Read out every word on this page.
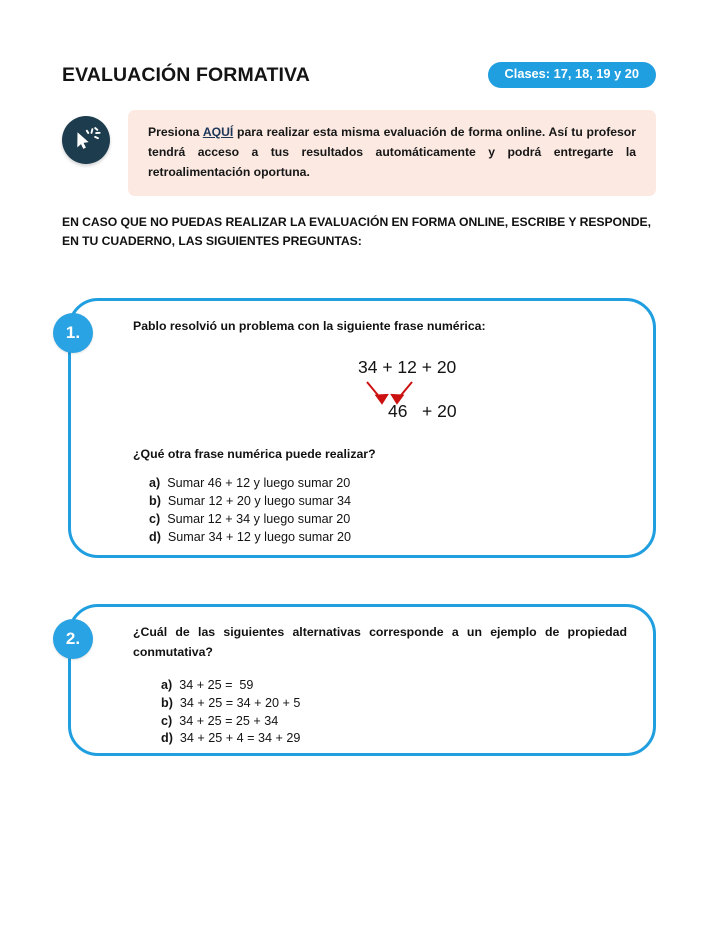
EVALUACIÓN FORMATIVA	Clases: 17, 18, 19 y 20

Presiona AQUÍ para realizar esta misma evaluación de forma online. Así tu profesor tendrá acceso a tus resultados automáticamente y podrá entregarte la retroalimentación oportuna.

EN CASO QUE NO PUEDAS REALIZAR LA EVALUACIÓN EN FORMA ONLINE, ESCRIBE Y RESPONDE, EN TU CUADERNO, LAS SIGUIENTES PREGUNTAS:
1.	Pablo resolvió un problema con la siguiente frase numérica:

34 + 12 + 20
46   + 20

¿Qué otra frase numérica puede realizar?

a) Sumar 46 + 12 y luego sumar 20
b) Sumar 12 + 20 y luego sumar 34
c) Sumar 12 + 34 y luego sumar 20
d) Sumar 34 + 12 y luego sumar 20
2.	¿Cuál de las siguientes alternativas corresponde a un ejemplo de propiedad conmutativa?

a) 34 + 25 =  59
b) 34 + 25 = 34 + 20 + 5
c) 34 + 25 = 25 + 34
d) 34 + 25 + 4 = 34 + 29
